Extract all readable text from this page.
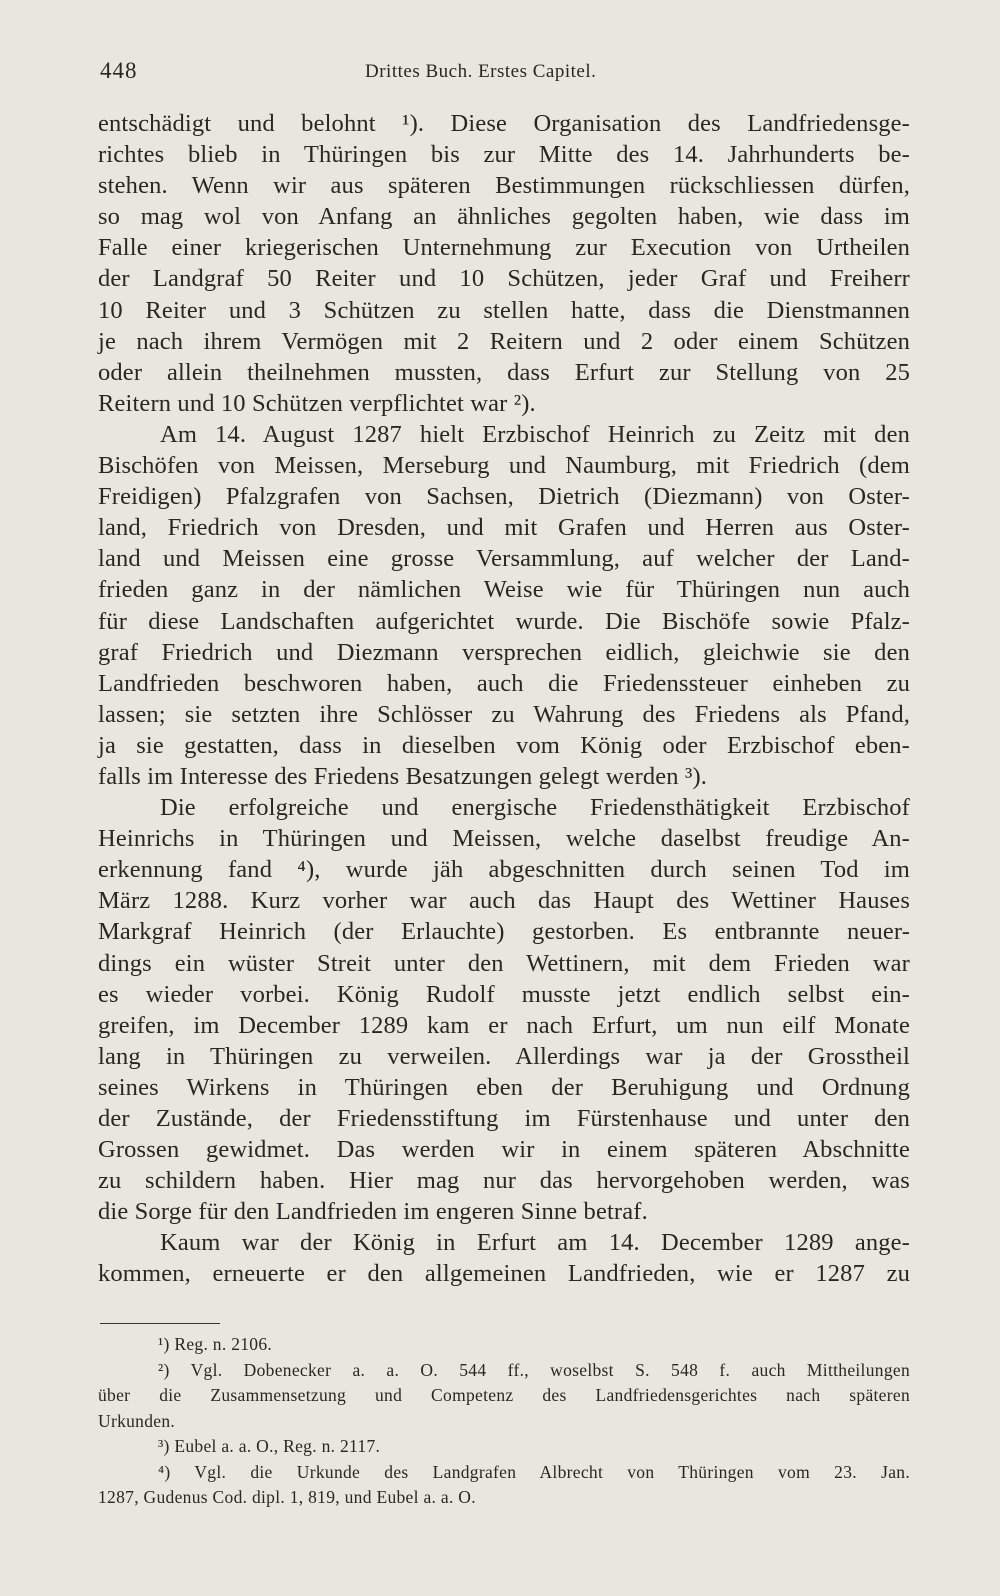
448	Drittes Buch. Erstes Capitel.
entschädigt und belohnt ¹). Diese Organisation des Landfriedensge-
richtes blieb in Thüringen bis zur Mitte des 14. Jahrhunderts be-
stehen. Wenn wir aus späteren Bestimmungen rückschliessen dürfen,
so mag wol von Anfang an ähnliches gegolten haben, wie dass im
Falle einer kriegerischen Unternehmung zur Execution von Urtheilen
der Landgraf 50 Reiter und 10 Schützen, jeder Graf und Freiherr
10 Reiter und 3 Schützen zu stellen hatte, dass die Dienstmannen
je nach ihrem Vermögen mit 2 Reitern und 2 oder einem Schützen
oder allein theilnehmen mussten, dass Erfurt zur Stellung von 25
Reitern und 10 Schützen verpflichtet war ²).
Am 14. August 1287 hielt Erzbischof Heinrich zu Zeitz mit den
Bischöfen von Meissen, Merseburg und Naumburg, mit Friedrich (dem
Freidigen) Pfalzgrafen von Sachsen, Dietrich (Diezmann) von Oster-
land, Friedrich von Dresden, und mit Grafen und Herren aus Oster-
land und Meissen eine grosse Versammlung, auf welcher der Land-
frieden ganz in der nämlichen Weise wie für Thüringen nun auch
für diese Landschaften aufgerichtet wurde. Die Bischöfe sowie Pfalz-
graf Friedrich und Diezmann versprechen eidlich, gleichwie sie den
Landfrieden beschworen haben, auch die Friedenssteuer einheben zu
lassen; sie setzten ihre Schlösser zu Wahrung des Friedens als Pfand,
ja sie gestatten, dass in dieselben vom König oder Erzbischof eben-
falls im Interesse des Friedens Besatzungen gelegt werden ³).
Die erfolgreiche und energische Friedensthätigkeit Erzbischof
Heinrichs in Thüringen und Meissen, welche daselbst freudige An-
erkennung fand ⁴), wurde jäh abgeschnitten durch seinen Tod im
März 1288. Kurz vorher war auch das Haupt des Wettiner Hauses
Markgraf Heinrich (der Erlauchte) gestorben. Es entbrannte neuer-
dings ein wüster Streit unter den Wettinern, mit dem Frieden war
es wieder vorbei. König Rudolf musste jetzt endlich selbst ein-
greifen, im December 1289 kam er nach Erfurt, um nun eilf Monate
lang in Thüringen zu verweilen. Allerdings war ja der Grosstheil
seines Wirkens in Thüringen eben der Beruhigung und Ordnung
der Zustände, der Friedensstiftung im Fürstenhause und unter den
Grossen gewidmet. Das werden wir in einem späteren Abschnitte
zu schildern haben. Hier mag nur das hervorgehoben werden, was
die Sorge für den Landfrieden im engeren Sinne betraf.
Kaum war der König in Erfurt am 14. December 1289 ange-
kommen, erneuerte er den allgemeinen Landfrieden, wie er 1287 zu
¹) Reg. n. 2106.
²) Vgl. Dobenecker a. a. O. 544 ff., woselbst S. 548 f. auch Mittheilungen
über die Zusammensetzung und Competenz des Landfriedensgerichtes nach späteren
Urkunden.
³) Eubel a. a. O., Reg. n. 2117.
⁴) Vgl. die Urkunde des Landgrafen Albrecht von Thüringen vom 23. Jan.
1287, Gudenus Cod. dipl. 1, 819, und Eubel a. a. O.
